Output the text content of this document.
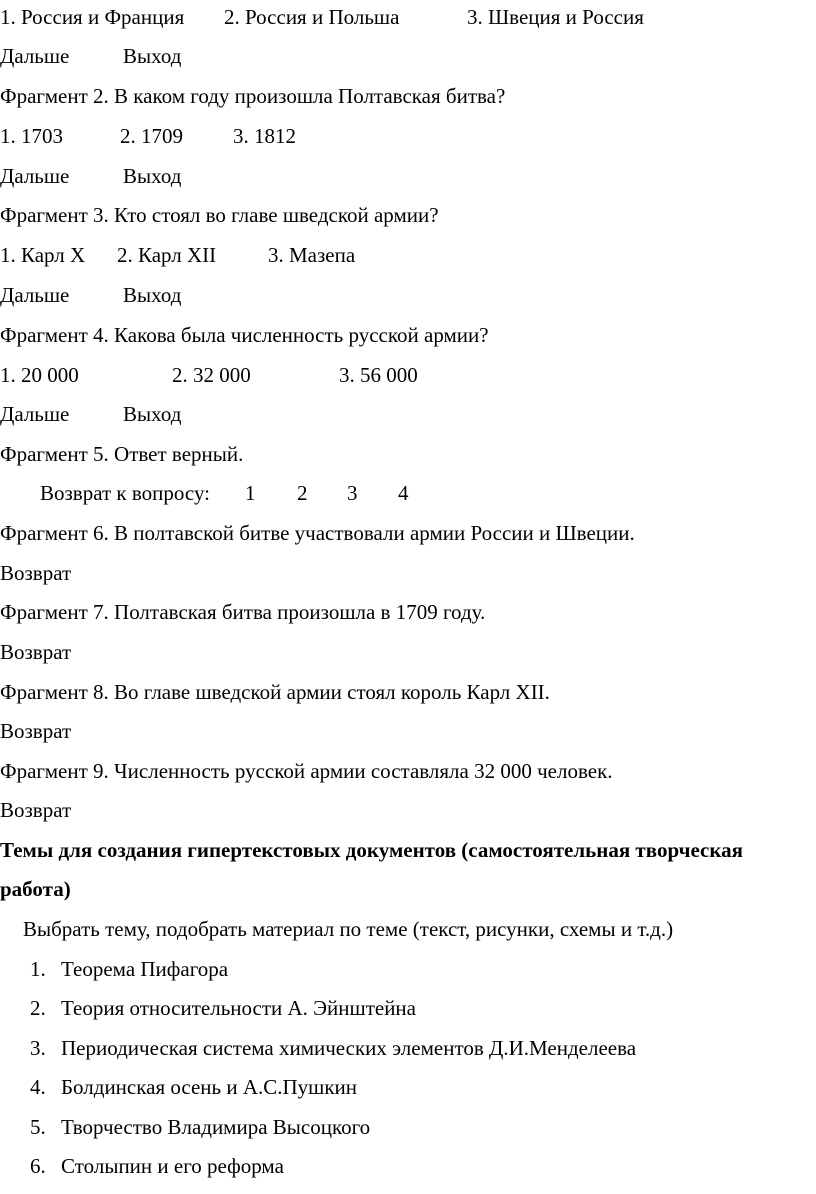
1. Россия и Франция 2. Россия и Польша	3. Швеция и Россия
Дальше	Выход
Фрагмент 2. В каком году произошла Полтавская битва?
1. 1703	2. 1709 3. 1812
Дальше	Выход
Фрагмент 3. Кто стоял во главе шведской армии?
1. Карл X 2. Карл XII 3. Мазепа
Дальше	Выход
Фрагмент 4. Какова была численность русской армии?
1. 20 000	2. 32 000	3. 56 000
Дальше	Выход
Фрагмент 5. Ответ верный.
Возврат к вопросу: 1 2 3 4
Фрагмент 6. В полтавской битве участвовали армии России и Швеции.
Возврат
Фрагмент 7. Полтавская битва произошла в 1709 году.
Возврат
Фрагмент 8. Во главе шведской армии стоял король Карл XII.
Возврат
Фрагмент 9. Численность русской армии составляла 32 000 человек.
Возврат
Темы для создания гипертекстовых документов (самостоятельная творческая
работа)
Выбрать тему, подобрать материал по теме (текст, рисунки, схемы и т.д.)
1. Теорема Пифагора
2. Теория относительности А. Эйнштейна
3. Периодическая система химических элементов Д.И.Менделеева
4. Болдинская осень и А.С.Пушкин
5. Творчество Владимира Высоцкого
6. Столыпин и его реформа
